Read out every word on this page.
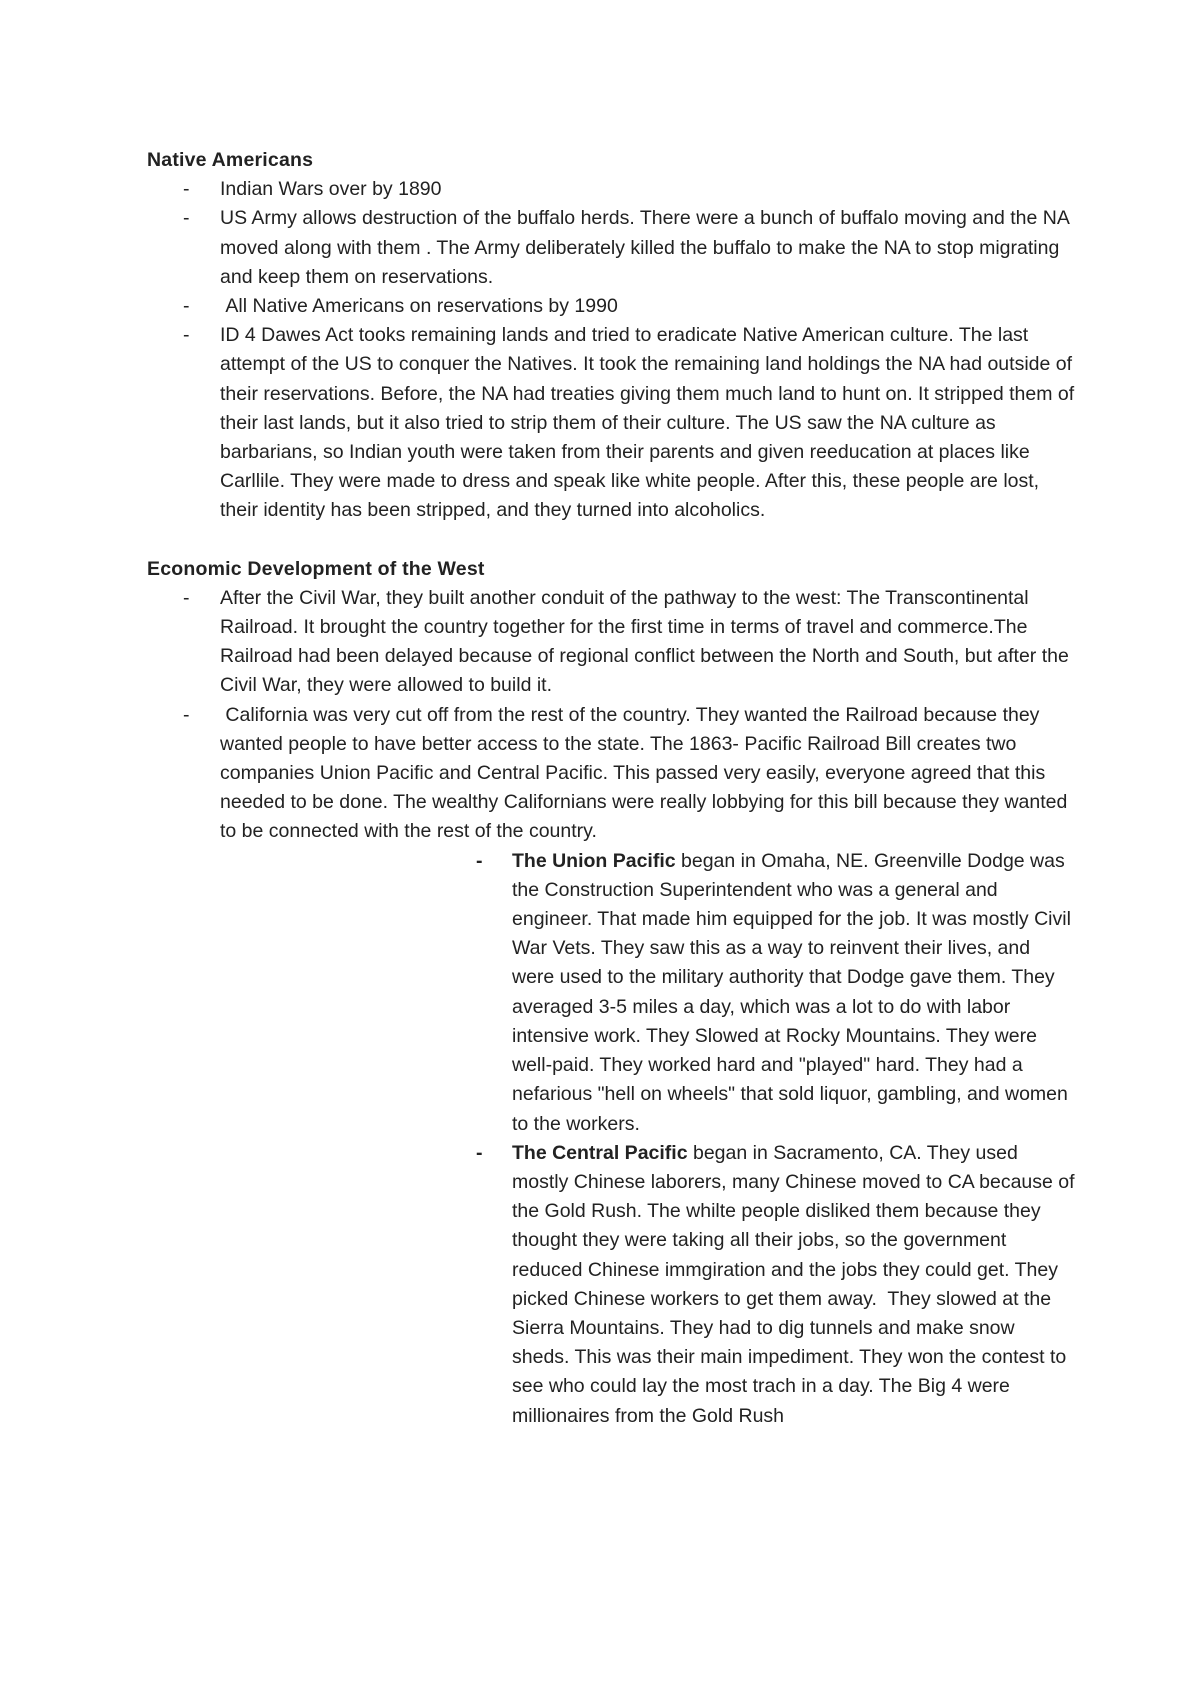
Native Americans

- Indian Wars over by 1890
- US Army allows destruction of the buffalo herds. There were a bunch of buffalo moving and the NA moved along with them . The Army deliberately killed the buffalo to make the NA to stop migrating and keep them on reservations.
- All Native Americans on reservations by 1990
- ID 4 Dawes Act tooks remaining lands and tried to eradicate Native American culture. The last attempt of the US to conquer the Natives. It took the remaining land holdings the NA had outside of their reservations. Before, the NA had treaties giving them much land to hunt on. It stripped them of their last lands, but it also tried to strip them of their culture. The US saw the NA culture as barbarians, so Indian youth were taken from their parents and given reeducation at places like Carllile. They were made to dress and speak like white people. After this, these people are lost, their identity has been stripped, and they turned into alcoholics.

Economic Development of the West

- After the Civil War, they built another conduit of the pathway to the west: The Transcontinental Railroad. It brought the country together for the first time in terms of travel and commerce.The Railroad had been delayed because of regional conflict between the North and South, but after the Civil War, they were allowed to build it.
- California was very cut off from the rest of the country. They wanted the Railroad because they wanted people to have better access to the state. The 1863- Pacific Railroad Bill creates two companies Union Pacific and Central Pacific. This passed very easily, everyone agreed that this needed to be done. The wealthy Californians were really lobbying for this bill because they wanted to be connected with the rest of the country.
- The Union Pacific began in Omaha, NE. Greenville Dodge was the Construction Superintendent who was a general and engineer. That made him equipped for the job. It was mostly Civil War Vets. They saw this as a way to reinvent their lives, and were used to the military authority that Dodge gave them. They averaged 3-5 miles a day, which was a lot to do with labor intensive work. They Slowed at Rocky Mountains. They were well-paid. They worked hard and "played" hard. They had a nefarious "hell on wheels" that sold liquor, gambling, and women to the workers.
- The Central Pacific began in Sacramento, CA. They used mostly Chinese laborers, many Chinese moved to CA because of the Gold Rush. The whilte people disliked them because they thought they were taking all their jobs, so the government reduced Chinese immgiration and the jobs they could get. They picked Chinese workers to get them away.  They slowed at the Sierra Mountains. They had to dig tunnels and make snow sheds. This was their main impediment. They won the contest to see who could lay the most trach in a day. The Big 4 were millionaires from the Gold Rush
